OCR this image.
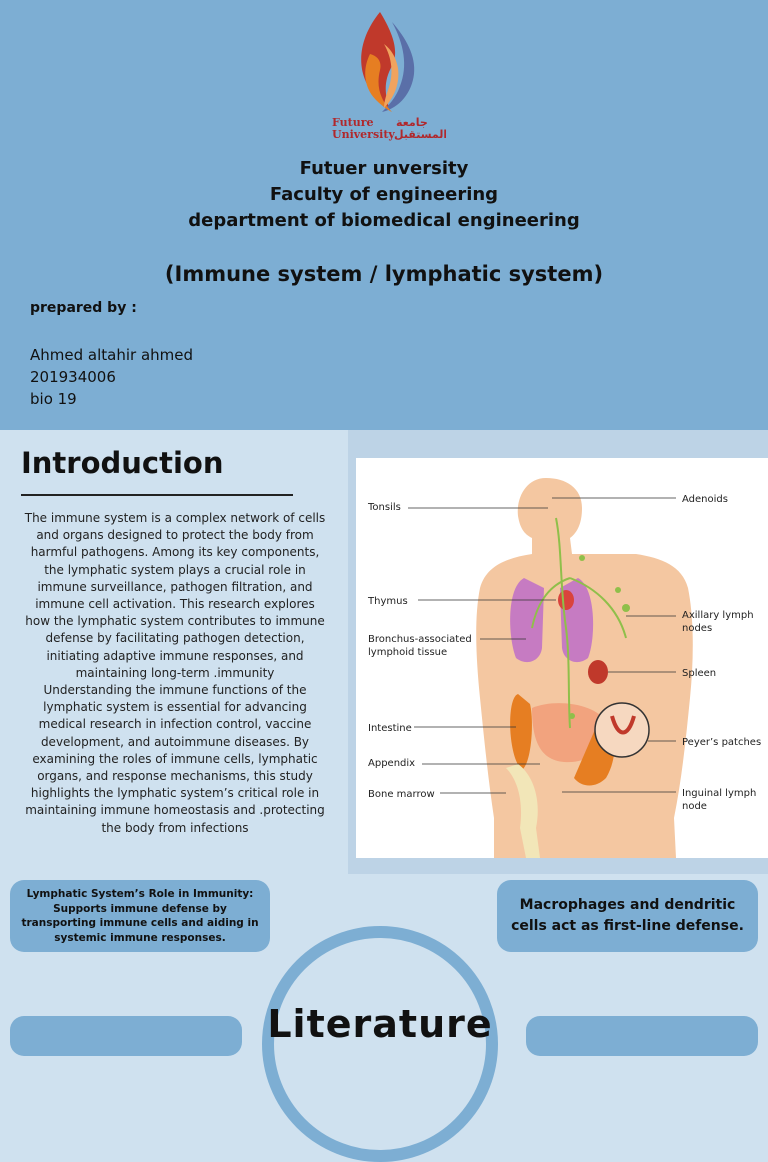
Future
University
جامعة
المستقبل
Futuer unversity
Faculty of engineering
department of biomedical engineering
(Immune system / lymphatic system)
prepared by :
Ahmed altahir ahmed
201934006
bio 19
Introduction

The immune system is a complex network of cells and organs designed to protect the body from harmful pathogens. Among its key components, the lymphatic system plays a crucial role in immune surveillance, pathogen filtration, and immune cell activation. This research explores how the lymphatic system contributes to immune defense by facilitating pathogen detection, initiating adaptive immune responses, and maintaining long-term .immunity

Understanding the immune functions of the lymphatic system is essential for advancing medical research in infection control, vaccine development, and autoimmune diseases. By examining the roles of immune cells, lymphatic organs, and response mechanisms, this study highlights the lymphatic system’s critical role in maintaining immune homeostasis and .protecting the body from infections

Tonsils
Thymus
Bronchus-associated
lymphoid tissue
Intestine
Appendix
Bone marrow
Adenoids
Axillary lymph
nodes
Spleen
Peyer’s patches
Inguinal lymph
node
Lymphatic System’s Role in Immunity: Supports immune defense by transporting immune cells and aiding in systemic immune responses.
Macrophages and dendritic cells act as first-line defense.
Literature
